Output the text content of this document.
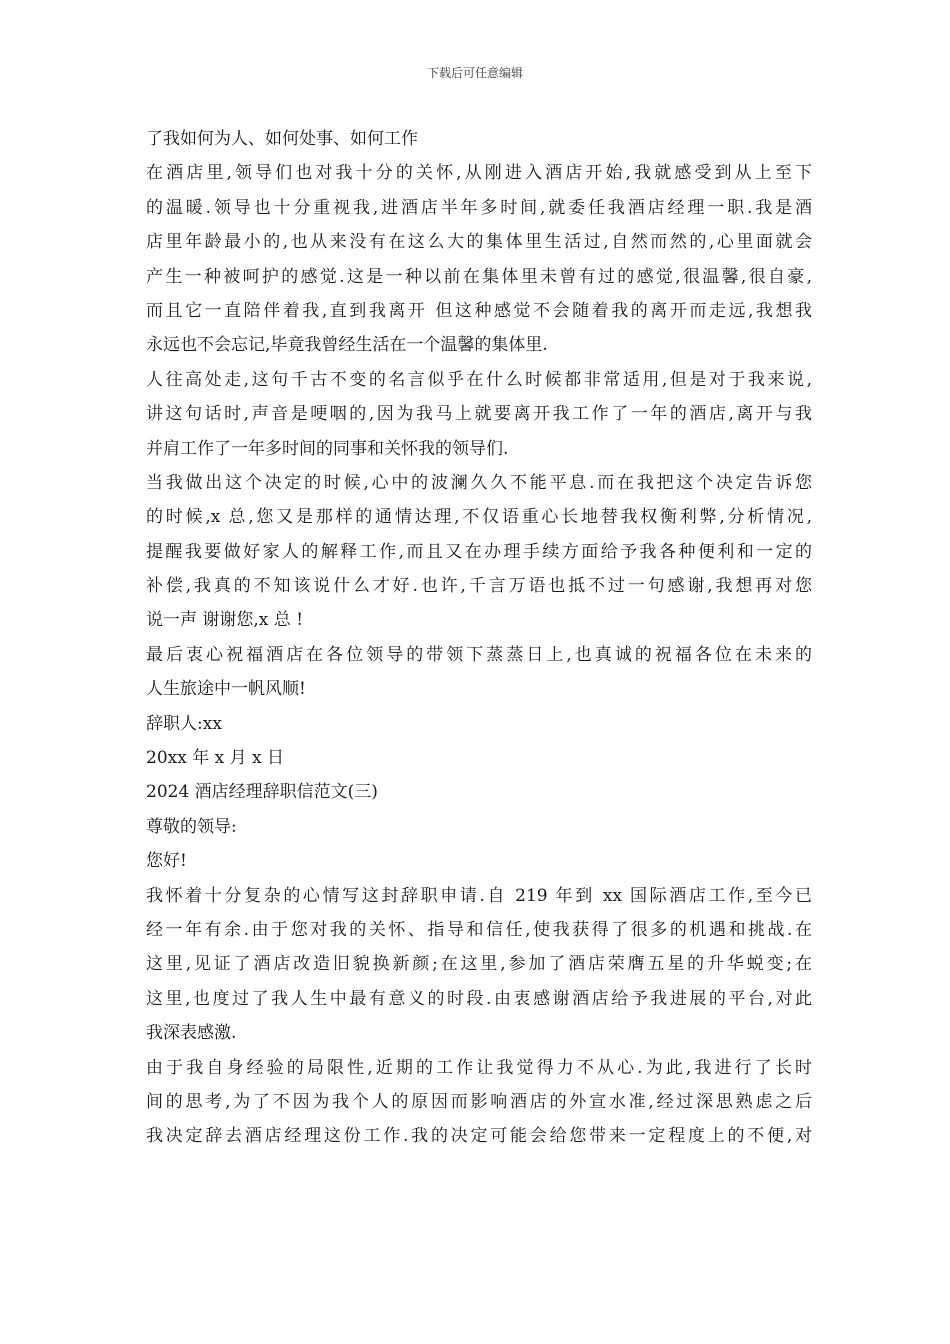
下载后可任意编辑
了我如何为人、如何处事、如何工作
在酒店里,领导们也对我十分的关怀,从刚进入酒店开始,我就感受到从上至下
的温暖.领导也十分重视我,进酒店半年多时间,就委任我酒店经理一职.我是酒
店里年龄最小的,也从来没有在这么大的集体里生活过,自然而然的,心里面就会
产生一种被呵护的感觉.这是一种以前在集体里未曾有过的感觉,很温馨,很自豪,
而且它一直陪伴着我,直到我离开 但这种感觉不会随着我的离开而走远,我想我
永远也不会忘记,毕竟我曾经生活在一个温馨的集体里.
人往高处走,这句千古不变的名言似乎在什么时候都非常适用,但是对于我来说,
讲这句话时,声音是哽咽的,因为我马上就要离开我工作了一年的酒店,离开与我
并肩工作了一年多时间的同事和关怀我的领导们.
当我做出这个决定的时候,心中的波澜久久不能平息.而在我把这个决定告诉您
的时候,x 总,您又是那样的通情达理,不仅语重心长地替我权衡利弊,分析情况,
提醒我要做好家人的解释工作,而且又在办理手续方面给予我各种便利和一定的
补偿,我真的不知该说什么才好.也许,千言万语也抵不过一句感谢,我想再对您
说一声 谢谢您,x 总 !
最后衷心祝福酒店在各位领导的带领下蒸蒸日上,也真诚的祝福各位在未来的
人生旅途中一帆风顺!
辞职人:xx
20xx 年 x 月 x 日
2024 酒店经理辞职信范文(三)
尊敬的领导:
您好!
我怀着十分复杂的心情写这封辞职申请.自 219 年到 xx 国际酒店工作,至今已
经一年有余.由于您对我的关怀、指导和信任,使我获得了很多的机遇和挑战.在
这里,见证了酒店改造旧貌换新颜;在这里,参加了酒店荣膺五星的升华蜕变;在
这里,也度过了我人生中最有意义的时段.由衷感谢酒店给予我进展的平台,对此
我深表感激.
由于我自身经验的局限性,近期的工作让我觉得力不从心.为此,我进行了长时
间的思考,为了不因为我个人的原因而影响酒店的外宣水准,经过深思熟虑之后
我决定辞去酒店经理这份工作.我的决定可能会给您带来一定程度上的不便,对
